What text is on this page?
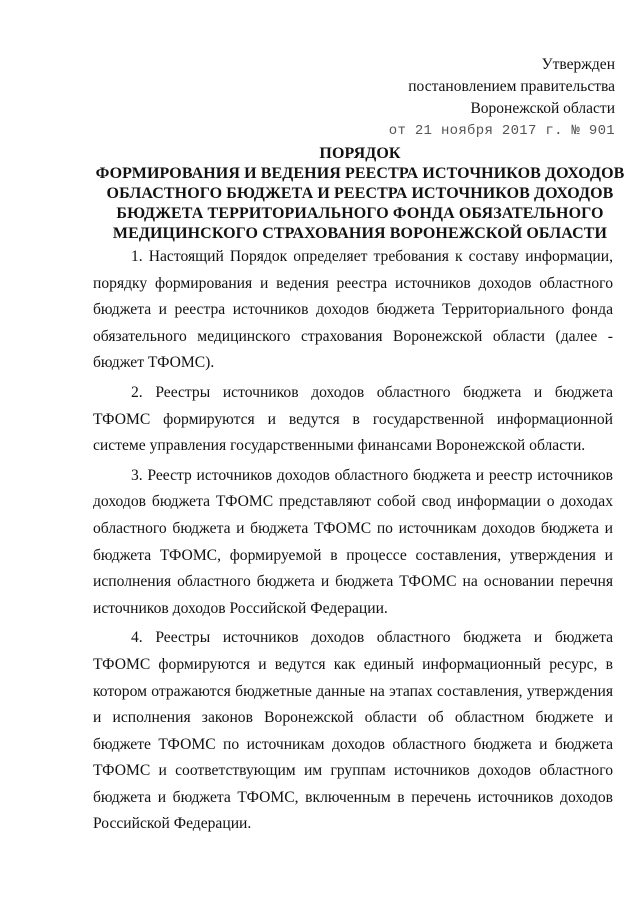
Утвержден
постановлением правительства
Воронежской области
от 21 ноября 2017 г. № 901
ПОРЯДОК
ФОРМИРОВАНИЯ И ВЕДЕНИЯ РЕЕСТРА ИСТОЧНИКОВ ДОХОДОВ
ОБЛАСТНОГО БЮДЖЕТА И РЕЕСТРА ИСТОЧНИКОВ ДОХОДОВ
БЮДЖЕТА ТЕРРИТОРИАЛЬНОГО ФОНДА ОБЯЗАТЕЛЬНОГО
МЕДИЦИНСКОГО СТРАХОВАНИЯ ВОРОНЕЖСКОЙ ОБЛАСТИ

1. Настоящий Порядок определяет требования к составу информации, порядку формирования и ведения реестра источников доходов областного бюджета и реестра источников доходов бюджета Территориального фонда обязательного медицинского страхования Воронежской области (далее - бюджет ТФОМС).

2. Реестры источников доходов областного бюджета и бюджета ТФОМС формируются и ведутся в государственной информационной системе управления государственными финансами Воронежской области.

3. Реестр источников доходов областного бюджета и реестр источников доходов бюджета ТФОМС представляют собой свод информации о доходах областного бюджета и бюджета ТФОМС по источникам доходов бюджета и бюджета ТФОМС, формируемой в процессе составления, утверждения и исполнения областного бюджета и бюджета ТФОМС на основании перечня источников доходов Российской Федерации.

4. Реестры источников доходов областного бюджета и бюджета ТФОМС формируются и ведутся как единый информационный ресурс, в котором отражаются бюджетные данные на этапах составления, утверждения и исполнения законов Воронежской области об областном бюджете и бюджете ТФОМС по источникам доходов областного бюджета и бюджета ТФОМС и соответствующим им группам источников доходов областного бюджета и бюджета ТФОМС, включенным в перечень источников доходов Российской Федерации.
